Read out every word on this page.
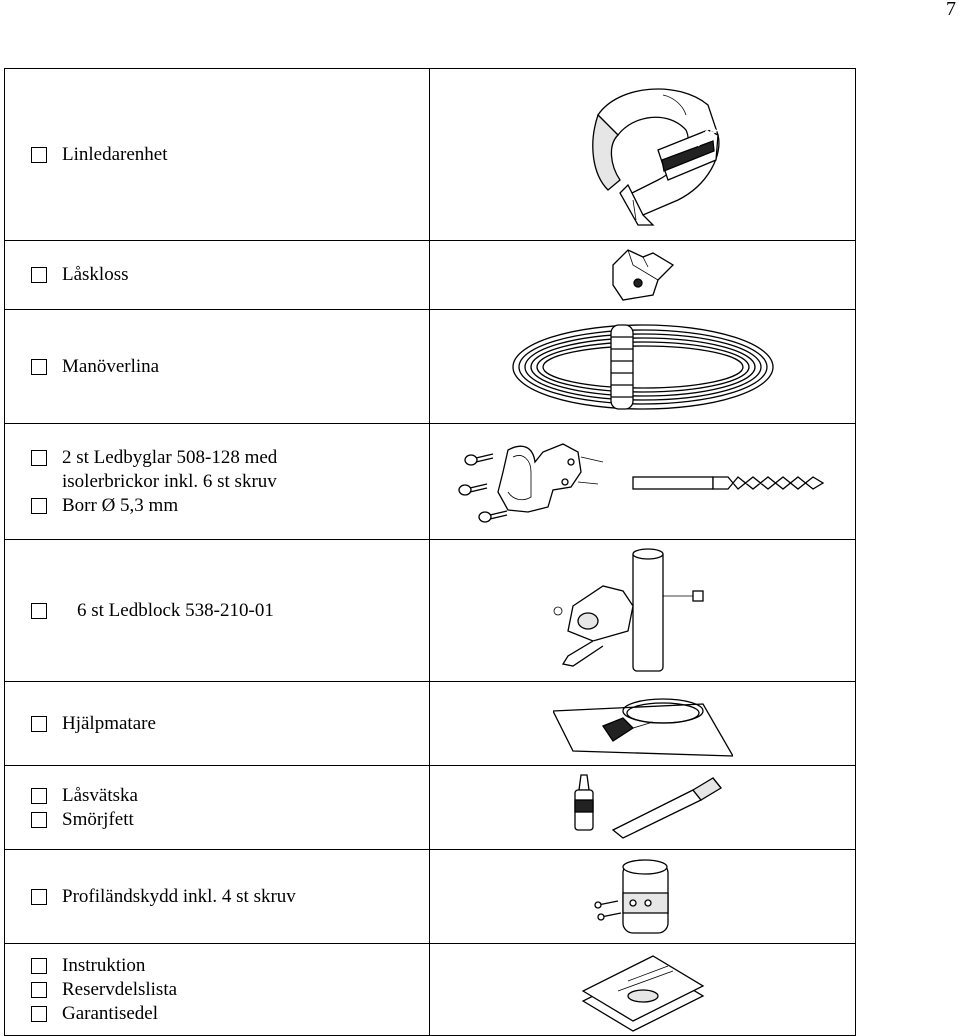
7
Linledarenhet	FURLE

Låskloss

Manöverlina

2 st Ledbyglar 508-128 med
isolerbrickor inkl. 6 st skruv
Borr Ø 5,3 mm

6 st Ledblock 538-210-01

Hjälpmatare

Låsvätska
Smörjfett

Profiländskydd inkl. 4 st skruv

Instruktion
Reservdelslista
Garantisedel
